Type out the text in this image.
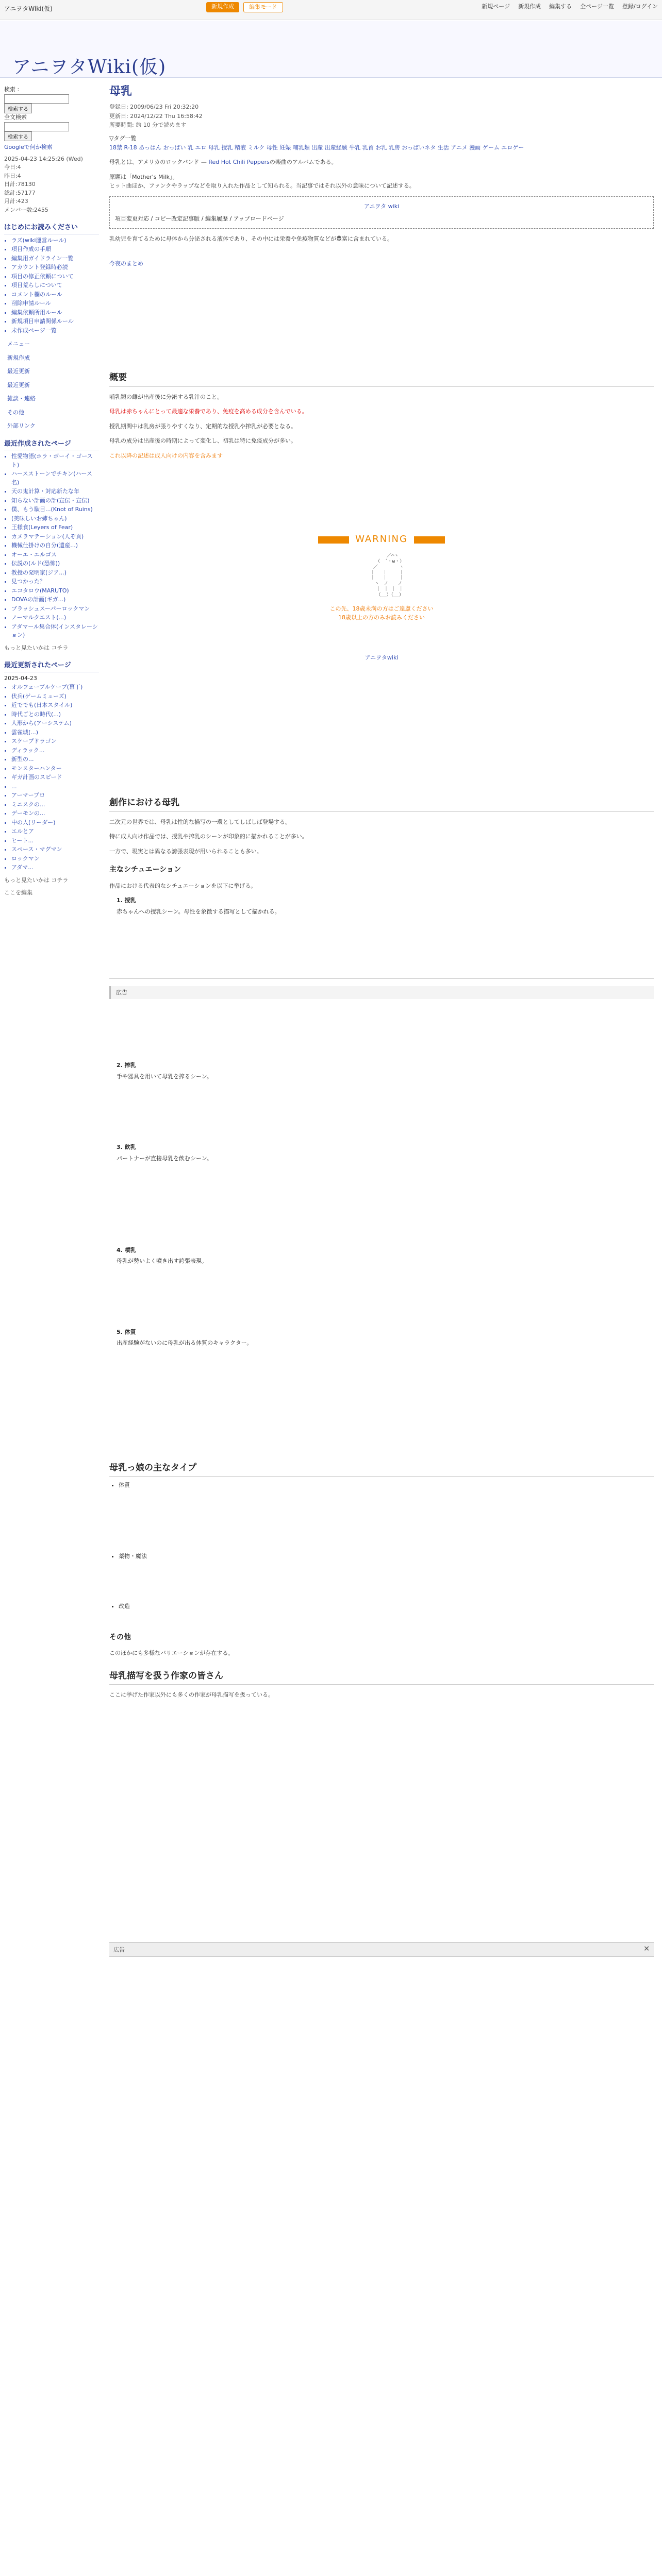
アニヲタWiki(仮)	新規作成	編集モード	新規ページ 新規作成 編集する 全ページ一覧 登録/ログイン
アニヲタWiki(仮)
検索 :
検索する
全文検索
検索する
Googleで何か検索
2025-04-23 14:25:26 (Wed)
今日:4
昨日:4
日計:78130
総計:57177
月計:423
メンバー数:2455
はじめにお読みください
• ラズ(wiki運営ルール)
• 項目作成の手順
• 編集用ガイドライン一覧
• アカウント登録時必読
• 項目の修正依頼について
• 項目荒らしについて
• コメント欄のルール
• 削除申請ルール
• 編集依頼所用ルール
• 新規項目申請関係ルール
• 未作成ページ一覧
メニュー
新規作成
最近更新
最近更新
雑談・連絡
その他
外部リンク
最近作成されたページ
• 性愛物語(ホラ・ボーイ・ゴースト)
• ハースストーンでチキン(ハース名)
• 天の鬼計算・対応新たな年
• 知らない計画の計(宣伝・宣伝)
• 僕、もう駄目...(Knot of Ruins)
• (美味しいお姉ちゃん)
• 王様食(Leyers of Fear)
• カメラマテーション(人ぞ頁)
• 機械仕掛けの自分(遺産...)
• オーエ・エルゴス
• 伝説の(ルド(恐怖))
• 教授の発明家(ジア...)
• 見つかった？
• エコタロウ(MARUTO)
• DOVAの計画(ギガ...)
• ブラッシュスーパーロックマン
• ノーマルクエスト(...)
• アダマール集合体(インスタレーション)
もっと見たいかは コチラ
最近更新されたページ
2025-04-23
• オルフェーブルケーブ(幕丁)
• 伏兵(ゲームミューズ)
• 近ででも(日本スタイル)
• 時代ごとの時代(...)
• 人形から(アーシステム)
• 雲雀城(...)
• スケープドラゴン
• ディラック...
• 新型の...
• モンスターハンター
• ギガ計画のスピード
• ...
• アーマープロ
• ミニスクの...
• デーモンの...
• 中の人(リーダー)
• エルとア
• ヒート...
• スペース・マグマン
• ロックマン
• アダマ...
もっと見たいかは コチラ
ここを編集
母乳
登録日: 2009/06/23 Fri 20:32:20
更新日: 2024/12/22 Thu 16:58:42
所要時間: 約 10 分で読めます
▽タグ一覧
18禁 R-18 あっはん おっぱい 乳 エロ 母乳 授乳 精液 ミルク 母性 妊娠 哺乳類 出産 出産経験 牛乳 乳首 お乳 乳房 おっぱいネタ 生活 アニメ 漫画 ゲーム エロゲー

母乳とは、アメリカのロックバンド — Red Hot Chili Peppersの楽曲のアルバムである。

原題は「Mother's Milk」。
ヒット曲ほか、ファンクやラップなどを取り入れた作品として知られる。当記事ではそれ以外の意味について記述する。

アニヲタ wiki
項目変更対応 / コピー改定記事版 / 編集履歴 / アップロードページ

乳幼児を育てるために母体から分泌される液体であり、その中には栄養や免疫物質などが豊富に含まれている。

今夜のまとめ
概要

哺乳類の雌が出産後に分泌する乳汁のこと。

母乳は赤ちゃんにとって最適な栄養であり、免疫を高める成分を含んでいる。

授乳期間中は乳房が張りやすくなり、定期的な授乳や搾乳が必要となる。

母乳の成分は出産後の時期によって変化し、初乳は特に免疫成分が多い。

これ以降の記述は成人向けの内容を含みます

WARNING
／⌒ヽ
（　´・ω・）
／　　　　 ヽ
｜　 ｜　　 ｜
｜　 ｜　　 ｜
ヽ　ノ　　ノ
｜ ｜ ｜ ｜
（__）（__）
この先、18歳未満の方はご遠慮ください
18歳以上の方のみお読みください
アニヲタwiki
創作における母乳

二次元の世界では、母乳は性的な描写の一環としてしばしば登場する。

特に成人向け作品では、授乳や搾乳のシーンが印象的に描かれることが多い。

一方で、現実とは異なる誇張表現が用いられることも多い。

主なシチュエーション

作品における代表的なシチュエーションを以下に挙げる。

1. 授乳

赤ちゃんへの授乳シーン。母性を象徴する描写として描かれる。

広告
2. 搾乳

手や器具を用いて母乳を搾るシーン。

3. 飲乳

パートナーが直接母乳を飲むシーン。

4. 噴乳

母乳が勢いよく噴き出す誇張表現。

5. 体質

出産経験がないのに母乳が出る体質のキャラクター。

母乳っ娘の主なタイプ
• 体質
• 薬物・魔法
• 改造
その他

このほかにも多様なバリエーションが存在する。

母乳描写を扱う作家の皆さん

ここに挙げた作家以外にも多くの作家が母乳描写を扱っている。

広告	✕
